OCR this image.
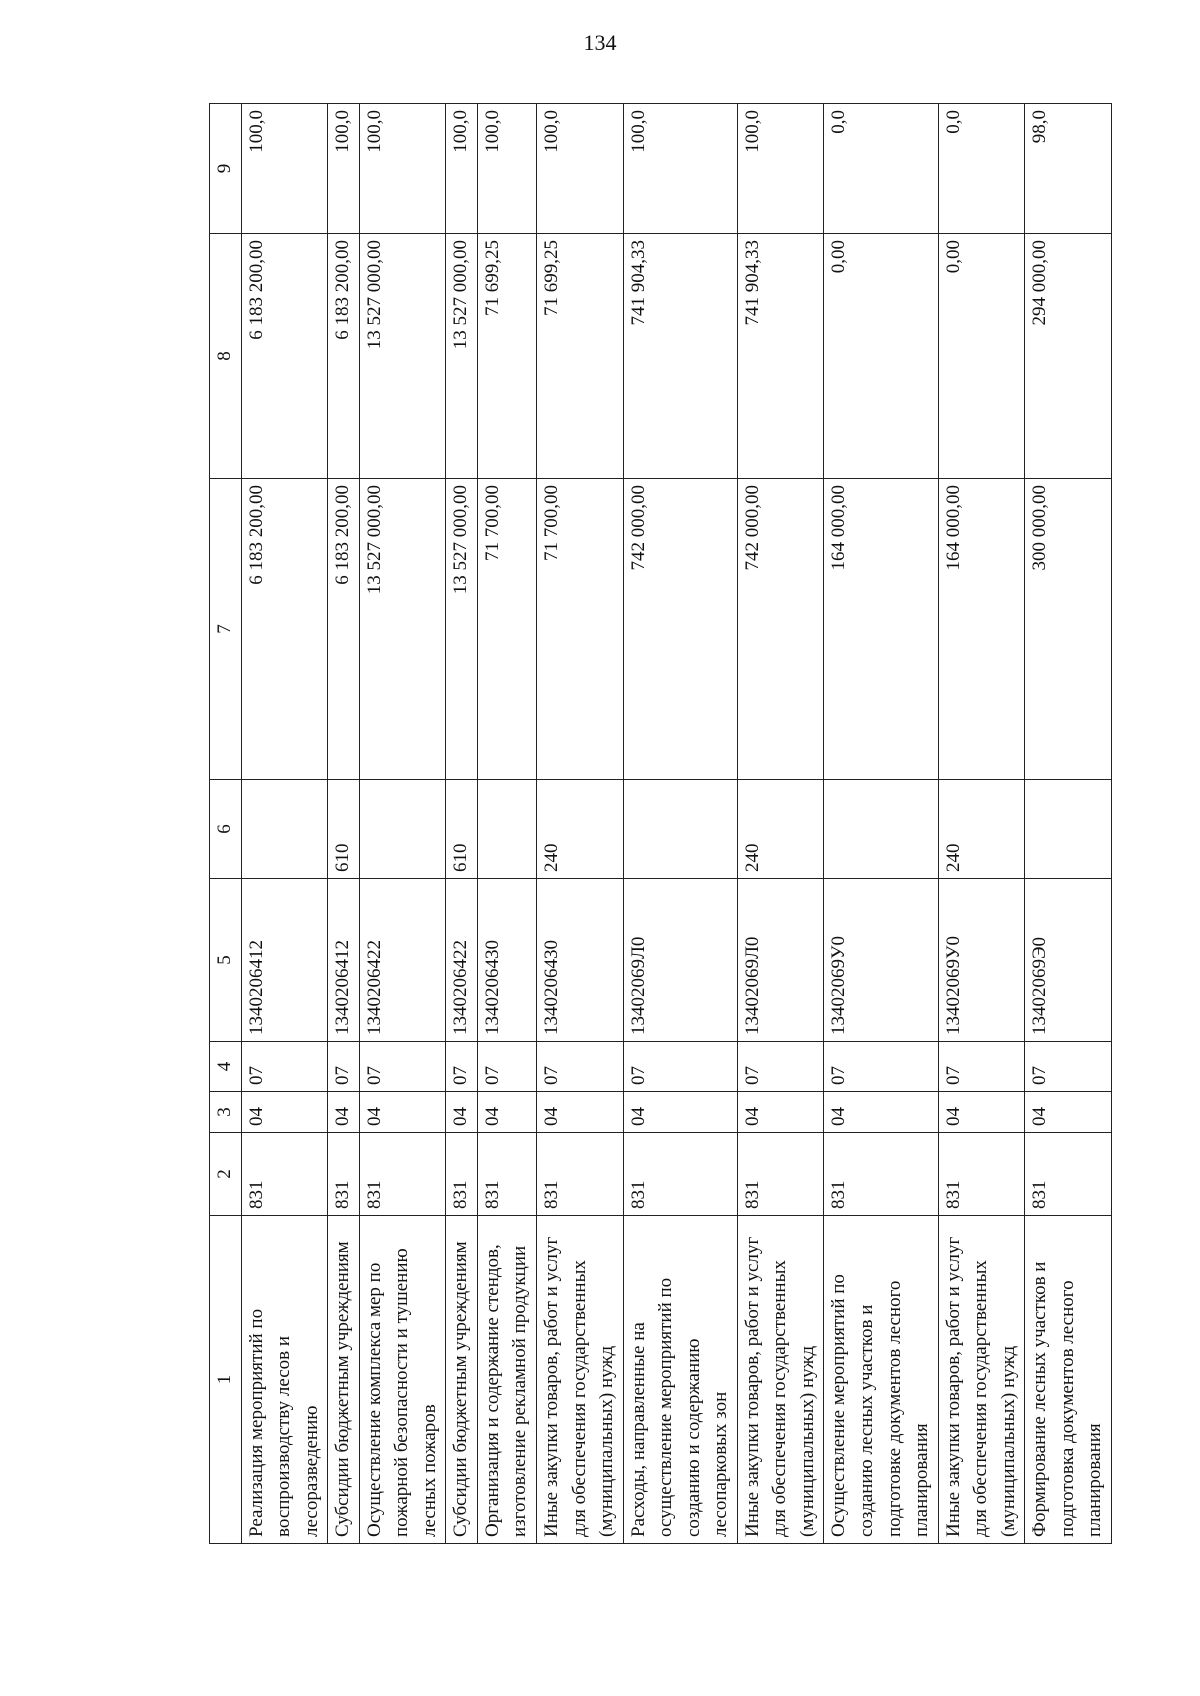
134
1	2	3	4	5	6	7	8	9
Реализация мероприятий по воспроизводству лесов и лесоразведению	831	04	07	1340206412		6 183 200,00	6 183 200,00	100,0
Субсидии бюджетным учреждениям	831	04	07	1340206412	610	6 183 200,00	6 183 200,00	100,0
Осуществление комплекса мер по пожарной безопасности и тушению лесных пожаров	831	04	07	1340206422		13 527 000,00	13 527 000,00	100,0
Субсидии бюджетным учреждениям	831	04	07	1340206422	610	13 527 000,00	13 527 000,00	100,0
Организация и содержание стендов, изготовление рекламной продукции	831	04	07	1340206430		71 700,00	71 699,25	100,0
Иные закупки товаров, работ и услуг для обеспечения государственных (муниципальных) нужд	831	04	07	1340206430	240	71 700,00	71 699,25	100,0
Расходы, направленные на осуществление мероприятий по созданию и содержанию лесопарковых зон	831	04	07	13402069Л0		742 000,00	741 904,33	100,0
Иные закупки товаров, работ и услуг для обеспечения государственных (муниципальных) нужд	831	04	07	13402069Л0	240	742 000,00	741 904,33	100,0
Осуществление мероприятий по созданию лесных участков и подготовке документов лесного планирования	831	04	07	13402069У0		164 000,00	0,00	0,0
Иные закупки товаров, работ и услуг для обеспечения государственных (муниципальных) нужд	831	04	07	13402069У0	240	164 000,00	0,00	0,0
Формирование лесных участков и подготовка документов лесного планирования	831	04	07	13402069Э0		300 000,00	294 000,00	98,0
